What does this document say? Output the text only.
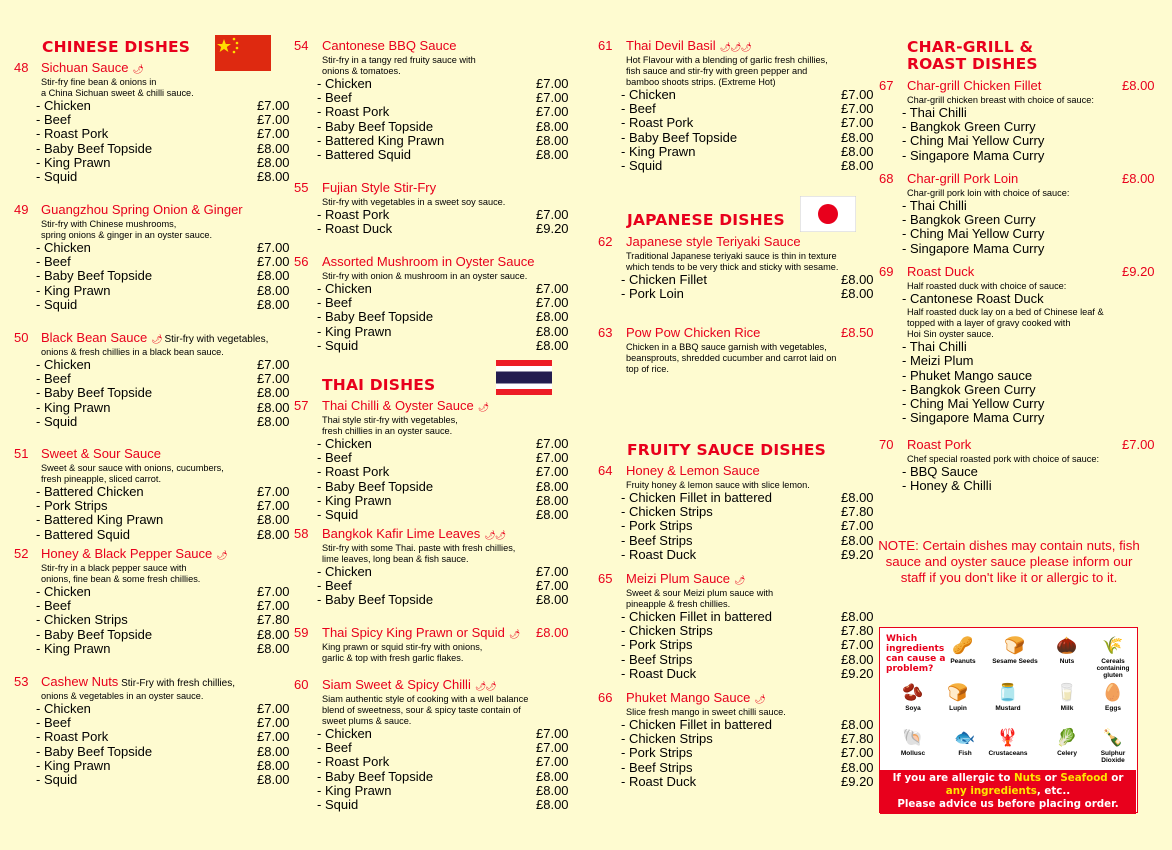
CHINESE DISHES
THAI DISHES
JAPANESE DISHES
FRUITY SAUCE DISHES
CHAR-GRILL &
ROAST DISHES
48 Sichuan Sauce 🌶
Stir-fry fine bean & onions in
a China Sichuan sweet & chilli sauce.
- Chicken	£7.00
- Beef	£7.00
- Roast Pork	£7.00
- Baby Beef Topside	£8.00
- King Prawn	£8.00
- Squid	£8.00
49 Guangzhou Spring Onion & Ginger
Stir-fry with Chinese mushrooms,
spring onions & ginger in an oyster sauce.
- Chicken	£7.00
- Beef	£7.00
- Baby Beef Topside	£8.00
- King Prawn	£8.00
- Squid	£8.00
50 Black Bean Sauce 🌶 Stir-fry with vegetables,
onions & fresh chillies in a black bean sauce.
- Chicken	£7.00
- Beef	£7.00
- Baby Beef Topside	£8.00
- King Prawn	£8.00
- Squid	£8.00
51 Sweet & Sour Sauce
Sweet & sour sauce with onions, cucumbers,
fresh pineapple, sliced carrot.
- Battered Chicken	£7.00
- Pork Strips	£7.00
- Battered King Prawn	£8.00
- Battered Squid	£8.00
52 Honey & Black Pepper Sauce 🌶
Stir-fry in a black pepper sauce with
onions, fine bean & some fresh chillies.
- Chicken	£7.00
- Beef	£7.00
- Chicken Strips	£7.80
- Baby Beef Topside	£8.00
- King Prawn	£8.00
53 Cashew Nuts Stir-Fry with fresh chillies,
onions & vegetables in an oyster sauce.
- Chicken	£7.00
- Beef	£7.00
- Roast Pork	£7.00
- Baby Beef Topside	£8.00
- King Prawn	£8.00
- Squid	£8.00
54 Cantonese BBQ Sauce
Stir-fry in a tangy red fruity sauce with
onions & tomatoes.
- Chicken	£7.00
- Beef	£7.00
- Roast Pork	£7.00
- Baby Beef Topside	£8.00
- Battered King Prawn	£8.00
- Battered Squid	£8.00
55 Fujian Style Stir-Fry
Stir-fry with vegetables in a sweet soy sauce.
- Roast Pork	£7.00
- Roast Duck	£9.20
56 Assorted Mushroom in Oyster Sauce
Stir-fry with onion & mushroom in an oyster sauce.
- Chicken	£7.00
- Beef	£7.00
- Baby Beef Topside	£8.00
- King Prawn	£8.00
- Squid	£8.00
57 Thai Chilli & Oyster Sauce 🌶
Thai style stir-fry with vegetables,
fresh chillies in an oyster sauce.
- Chicken	£7.00
- Beef	£7.00
- Roast Pork	£7.00
- Baby Beef Topside	£8.00
- King Prawn	£8.00
- Squid	£8.00
58 Bangkok Kafir Lime Leaves 🌶🌶
Stir-fry with some Thai. paste with fresh chillies,
lime leaves, long bean & fish sauce.
- Chicken	£7.00
- Beef	£7.00
- Baby Beef Topside	£8.00
59 Thai Spicy King Prawn or Squid 🌶 £8.00
King prawn or squid stir-fry with onions,
garlic & top with fresh garlic flakes.
60 Siam Sweet & Spicy Chilli 🌶🌶
Siam authentic style of cooking with a well balance
blend of sweetness, sour & spicy taste contain of
sweet plums & sauce.
- Chicken	£7.00
- Beef	£7.00
- Roast Pork	£7.00
- Baby Beef Topside	£8.00
- King Prawn	£8.00
- Squid	£8.00
61 Thai Devil Basil 🌶🌶🌶
Hot Flavour with a blending of garlic fresh chillies,
fish sauce and stir-fry with green pepper and
bamboo shoots strips. (Extreme Hot)
- Chicken	£7.00
- Beef	£7.00
- Roast Pork	£7.00
- Baby Beef Topside	£8.00
- King Prawn	£8.00
- Squid	£8.00
62 Japanese style Teriyaki Sauce
Traditional Japanese teriyaki sauce is thin in texture
which tends to be very thick and sticky with sesame.
- Chicken Fillet	£8.00
- Pork Loin	£8.00
63 Pow Pow Chicken Rice	£8.50
Chicken in a BBQ sauce garnish with vegetables,
beansprouts, shredded cucumber and carrot laid on
top of rice.
64 Honey & Lemon Sauce
Fruity honey & lemon sauce with slice lemon.
- Chicken Fillet in battered	£8.00
- Chicken Strips	£7.80
- Pork Strips	£7.00
- Beef Strips	£8.00
- Roast Duck	£9.20
65 Meizi Plum Sauce 🌶
Sweet & sour Meizi plum sauce with
pineapple & fresh chillies.
- Chicken Fillet in battered	£8.00
- Chicken Strips	£7.80
- Pork Strips	£7.00
- Beef Strips	£8.00
- Roast Duck	£9.20
66 Phuket Mango Sauce 🌶
Slice fresh mango in sweet chilli sauce.
- Chicken Fillet in battered	£8.00
- Chicken Strips	£7.80
- Pork Strips	£7.00
- Beef Strips	£8.00
- Roast Duck	£9.20
67 Char-grill Chicken Fillet	£8.00
Char-grill chicken breast with choice of sauce:
- Thai Chilli
- Bangkok Green Curry
- Ching Mai Yellow Curry
- Singapore Mama Curry
68 Char-grill Pork Loin	£8.00
Char-grill pork loin with choice of sauce:
- Thai Chilli
- Bangkok Green Curry
- Ching Mai Yellow Curry
- Singapore Mama Curry
69 Roast Duck	£9.20
Half roasted duck with choice of sauce:
- Cantonese Roast Duck
Half roasted duck lay on a bed of Chinese leaf &
topped with a layer of gravy cooked with
Hoi Sin oyster sauce.
- Thai Chilli
- Meizi Plum
- Phuket Mango sauce
- Bangkok Green Curry
- Ching Mai Yellow Curry
- Singapore Mama Curry
70 Roast Pork	£7.00
Chef special roasted pork with choice of sauce:
- BBQ Sauce
- Honey & Chilli
NOTE: Certain dishes may contain nuts, fish sauce and oyster sauce please inform our staff if you don't like it or allergic to it.
Which ingredients can cause a problem?
🥜
Peanuts
🍞
Sesame Seeds
🌰
Nuts
🌾
Cereals containing gluten
🫘
Soya
🍞
Lupin
🫙
Mustard
🥛
Milk
🥚
Eggs
🐚
Mollusc
🐟
Fish
🦞
Crustaceans
🥬
Celery
🍾
Sulphur Dioxide
If you are allergic to Nuts or Seafood or
any ingredients, etc..
Please advice us before placing order.
